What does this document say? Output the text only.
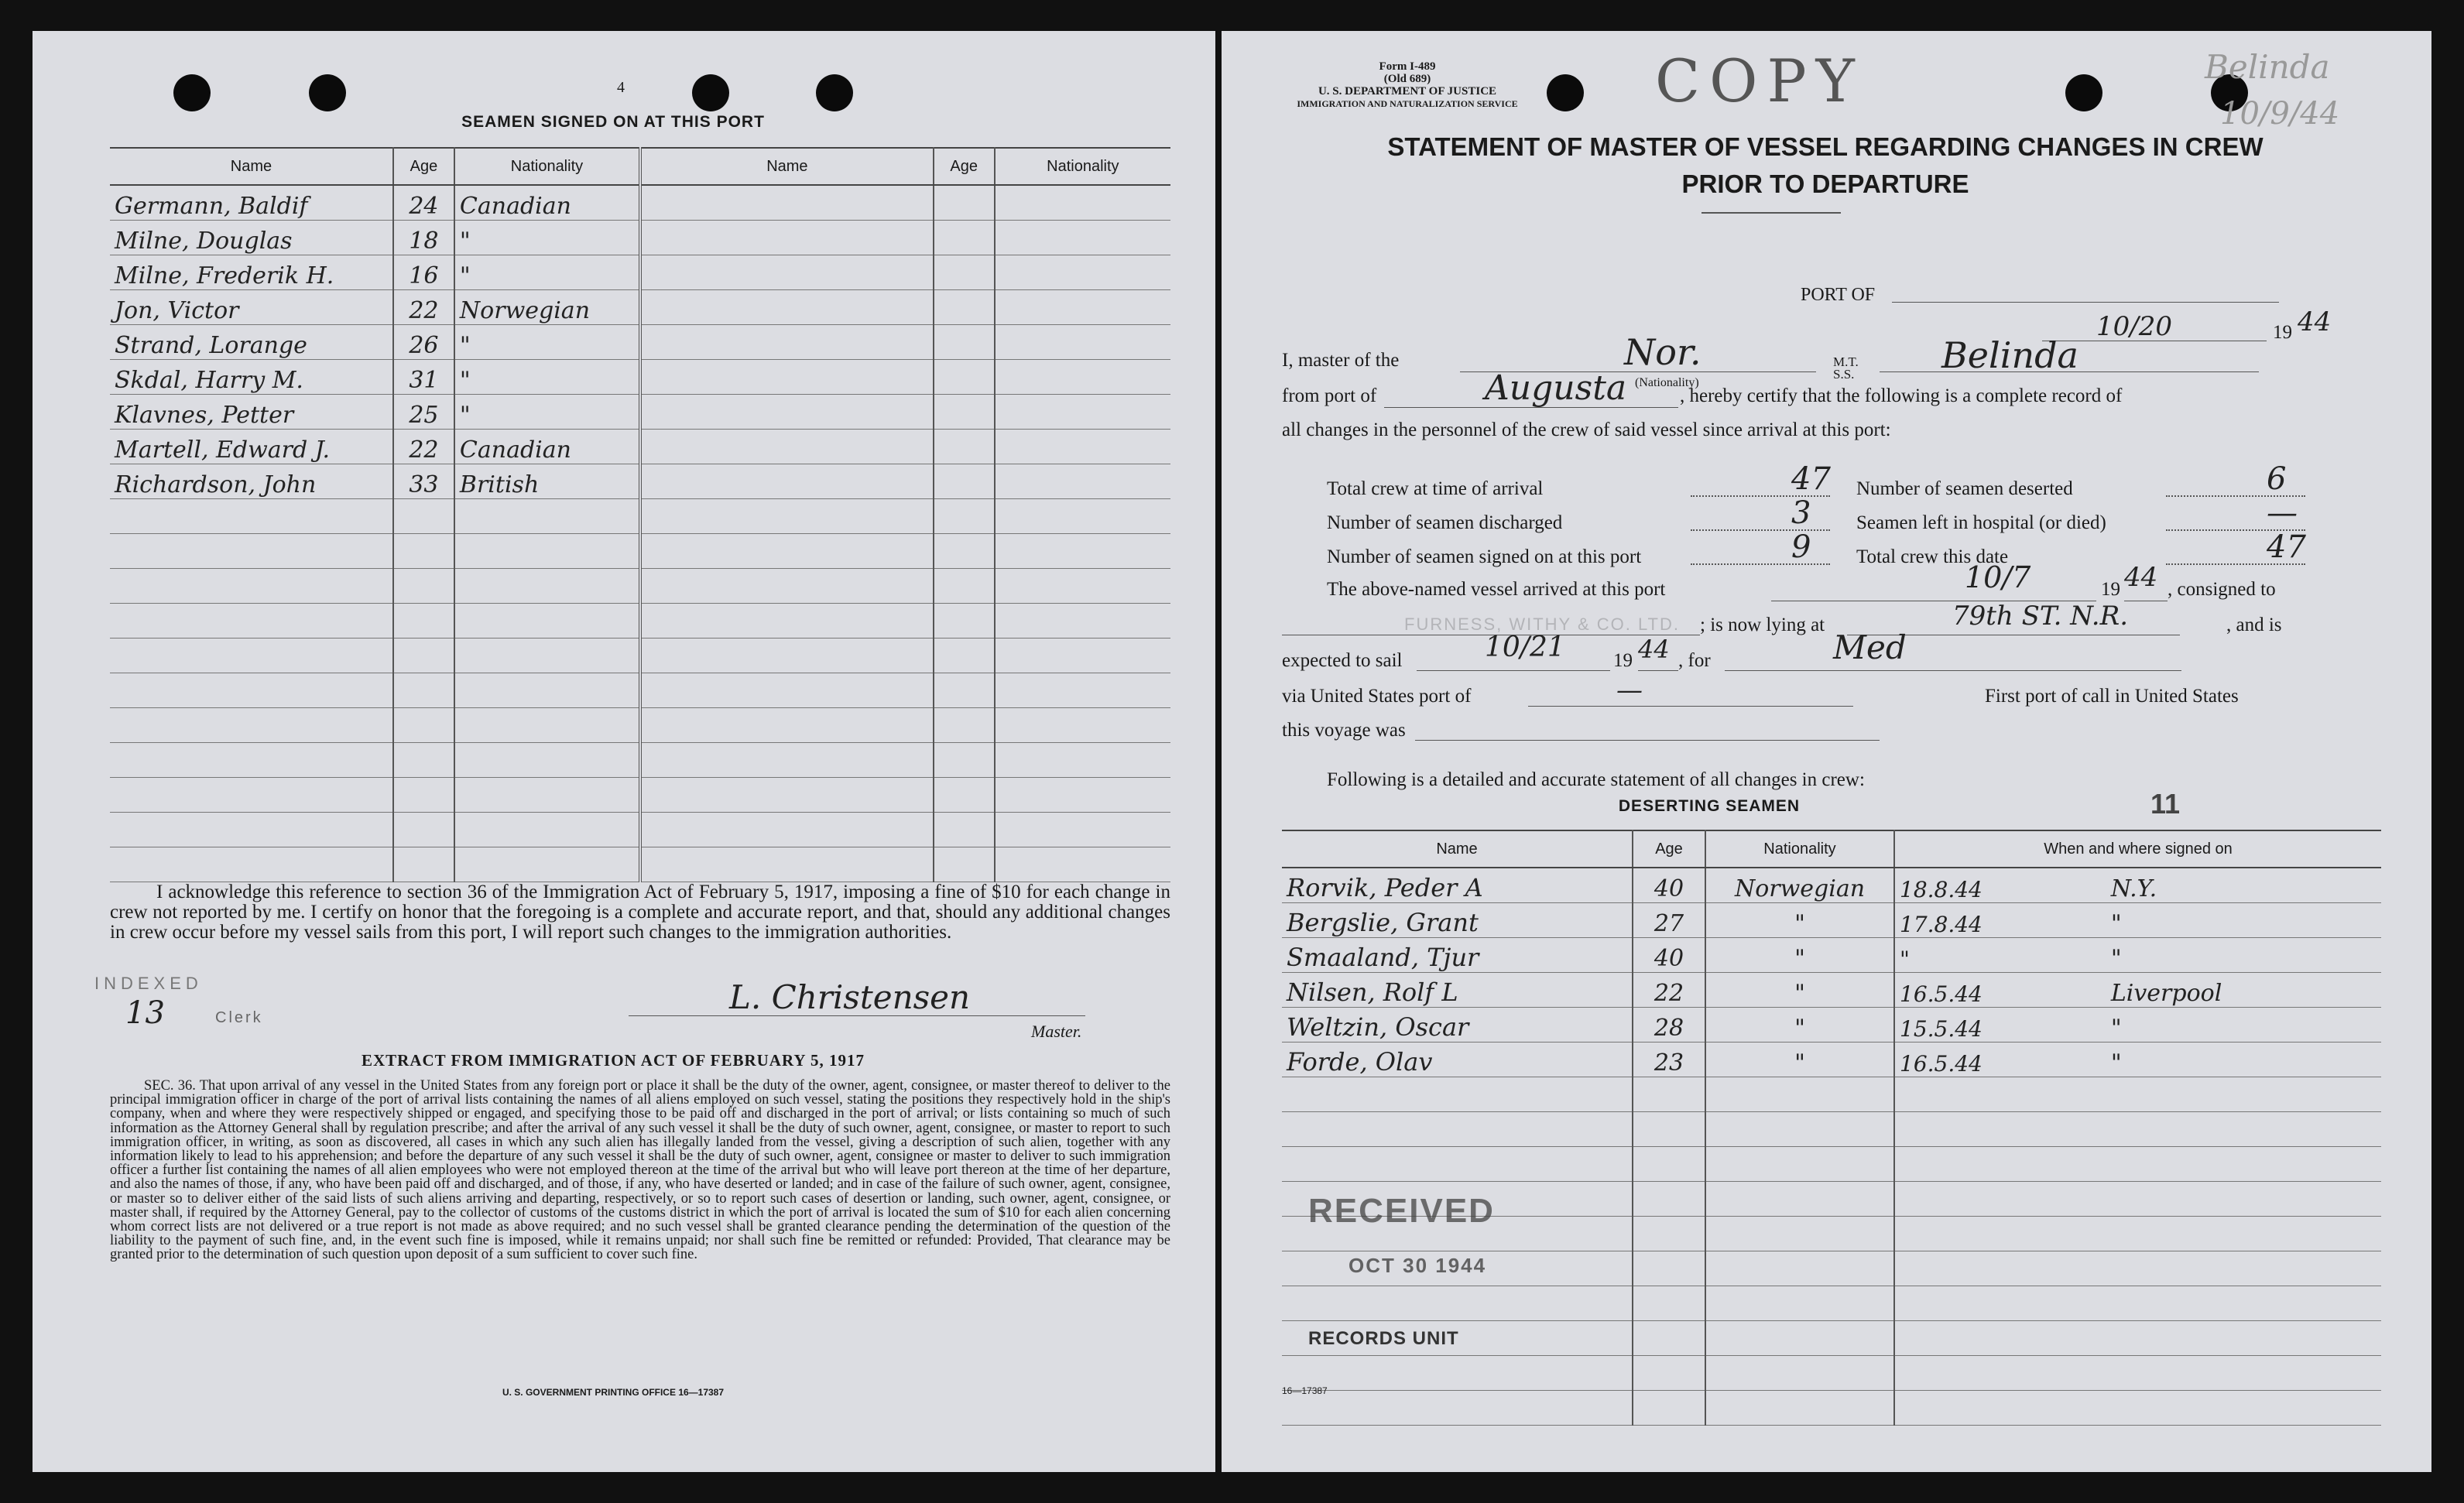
4
SEAMEN SIGNED ON AT THIS PORT
Name	Age	Nationality	Name	Age	Nationality
Germann, Baldif	24	Canadian			
Milne, Douglas	18	"			
Milne, Frederik H.	16	"			
Jon, Victor	22	Norwegian			
Strand, Lorange	26	"			
Skdal, Harry M.	31	"			
Klavnes, Petter	25	"			
Martell, Edward J.	22	Canadian			
Richardson, John	33	British			

I acknowledge this reference to section 36 of the Immigration Act of February 5, 1917, imposing a fine of $10 for each change in crew not reported by me. I certify on honor that the foregoing is a complete and accurate report, and that, should any additional changes in crew occur before my vessel sails from this port, I will report such changes to the immigration authorities.
INDEXED
13	Clerk
L. Christensen
Master.
EXTRACT FROM IMMIGRATION ACT OF FEBRUARY 5, 1917
SEC. 36. That upon arrival of any vessel in the United States from any foreign port or place it shall be the duty of the owner, agent, consignee, or master thereof to deliver to the principal immigration officer in charge of the port of arrival lists containing the names of all aliens employed on such vessel, stating the positions they respectively hold in the ship's company, when and where they were respectively shipped or engaged, and specifying those to be paid off and discharged in the port of arrival; or lists containing so much of such information as the Attorney General shall by regulation prescribe; and after the arrival of any such vessel it shall be the duty of such owner, agent, consignee, or master to report to such immigration officer, in writing, as soon as discovered, all cases in which any such alien has illegally landed from the vessel, giving a description of such alien, together with any information likely to lead to his apprehension; and before the departure of any such vessel it shall be the duty of such owner, agent, consignee or master to deliver to such immigration officer a further list containing the names of all alien employees who were not employed thereon at the time of the arrival but who will leave port thereon at the time of her departure, and also the names of those, if any, who have been paid off and discharged, and of those, if any, who have deserted or landed; and in case of the failure of such owner, agent, consignee, or master so to deliver either of the said lists of such aliens arriving and departing, respectively, or so to report such cases of desertion or landing, such owner, agent, consignee, or master shall, if required by the Attorney General, pay to the collector of customs of the customs district in which the port of arrival is located the sum of $10 for each alien concerning whom correct lists are not delivered or a true report is not made as above required; and no such vessel shall be granted clearance pending the determination of the question of the liability to the payment of such fine, and, in the event such fine is imposed, while it remains unpaid; nor shall such fine be remitted or refunded: Provided, That clearance may be granted prior to the determination of such question upon deposit of a sum sufficient to cover such fine.
U. S. GOVERNMENT PRINTING OFFICE 16—17387
Form I-489
(Old 689)
U. S. DEPARTMENT OF JUSTICE
IMMIGRATION AND NATURALIZATION SERVICE	COPY	Belinda
10/9/44
STATEMENT OF MASTER OF VESSEL REGARDING CHANGES IN CREW
PRIOR TO DEPARTURE
PORT OF
10/20	19 44
I, master of the	Nor.
(Nationality)
M.T. S.S.	Belinda
from port of	Augusta	, hereby certify that the following is a complete record of
all changes in the personnel of the crew of said vessel since arrival at this port:
The above-named vessel arrived at this port	10/7	19 44 , consigned to
FURNESS, WITHY & CO. LTD. ; is now lying at	79th ST. N.R.	, and is
expected to sail	10/21 19 44 , for	Med
via United States port of	—	First port of call in United States
this voyage was
Following is a detailed and accurate statement of all changes in crew:
DESERTING SEAMEN	11
Name	Age	Nationality	When and where signed on	
Rorvik, Peder A	40	Norwegian	18.8.44	N.Y.
Bergslie, Grant	27	"	17.8.44	"
Smaaland, Tjur	40	"	"	"
Nilsen, Rolf L	22	"	16.5.44	Liverpool
Weltzin, Oscar	28	"	15.5.44	"
Forde, Olav	23	"	16.5.44	"

RECEIVED
OCT 30 1944
RECORDS UNIT
16—17387
Total crew at time of arrival	47
Number of seamen discharged	3
Number of seamen signed on at this port	9
Number of seamen deserted	6
Seamen left in hospital (or died)	—
Total crew this date	47
